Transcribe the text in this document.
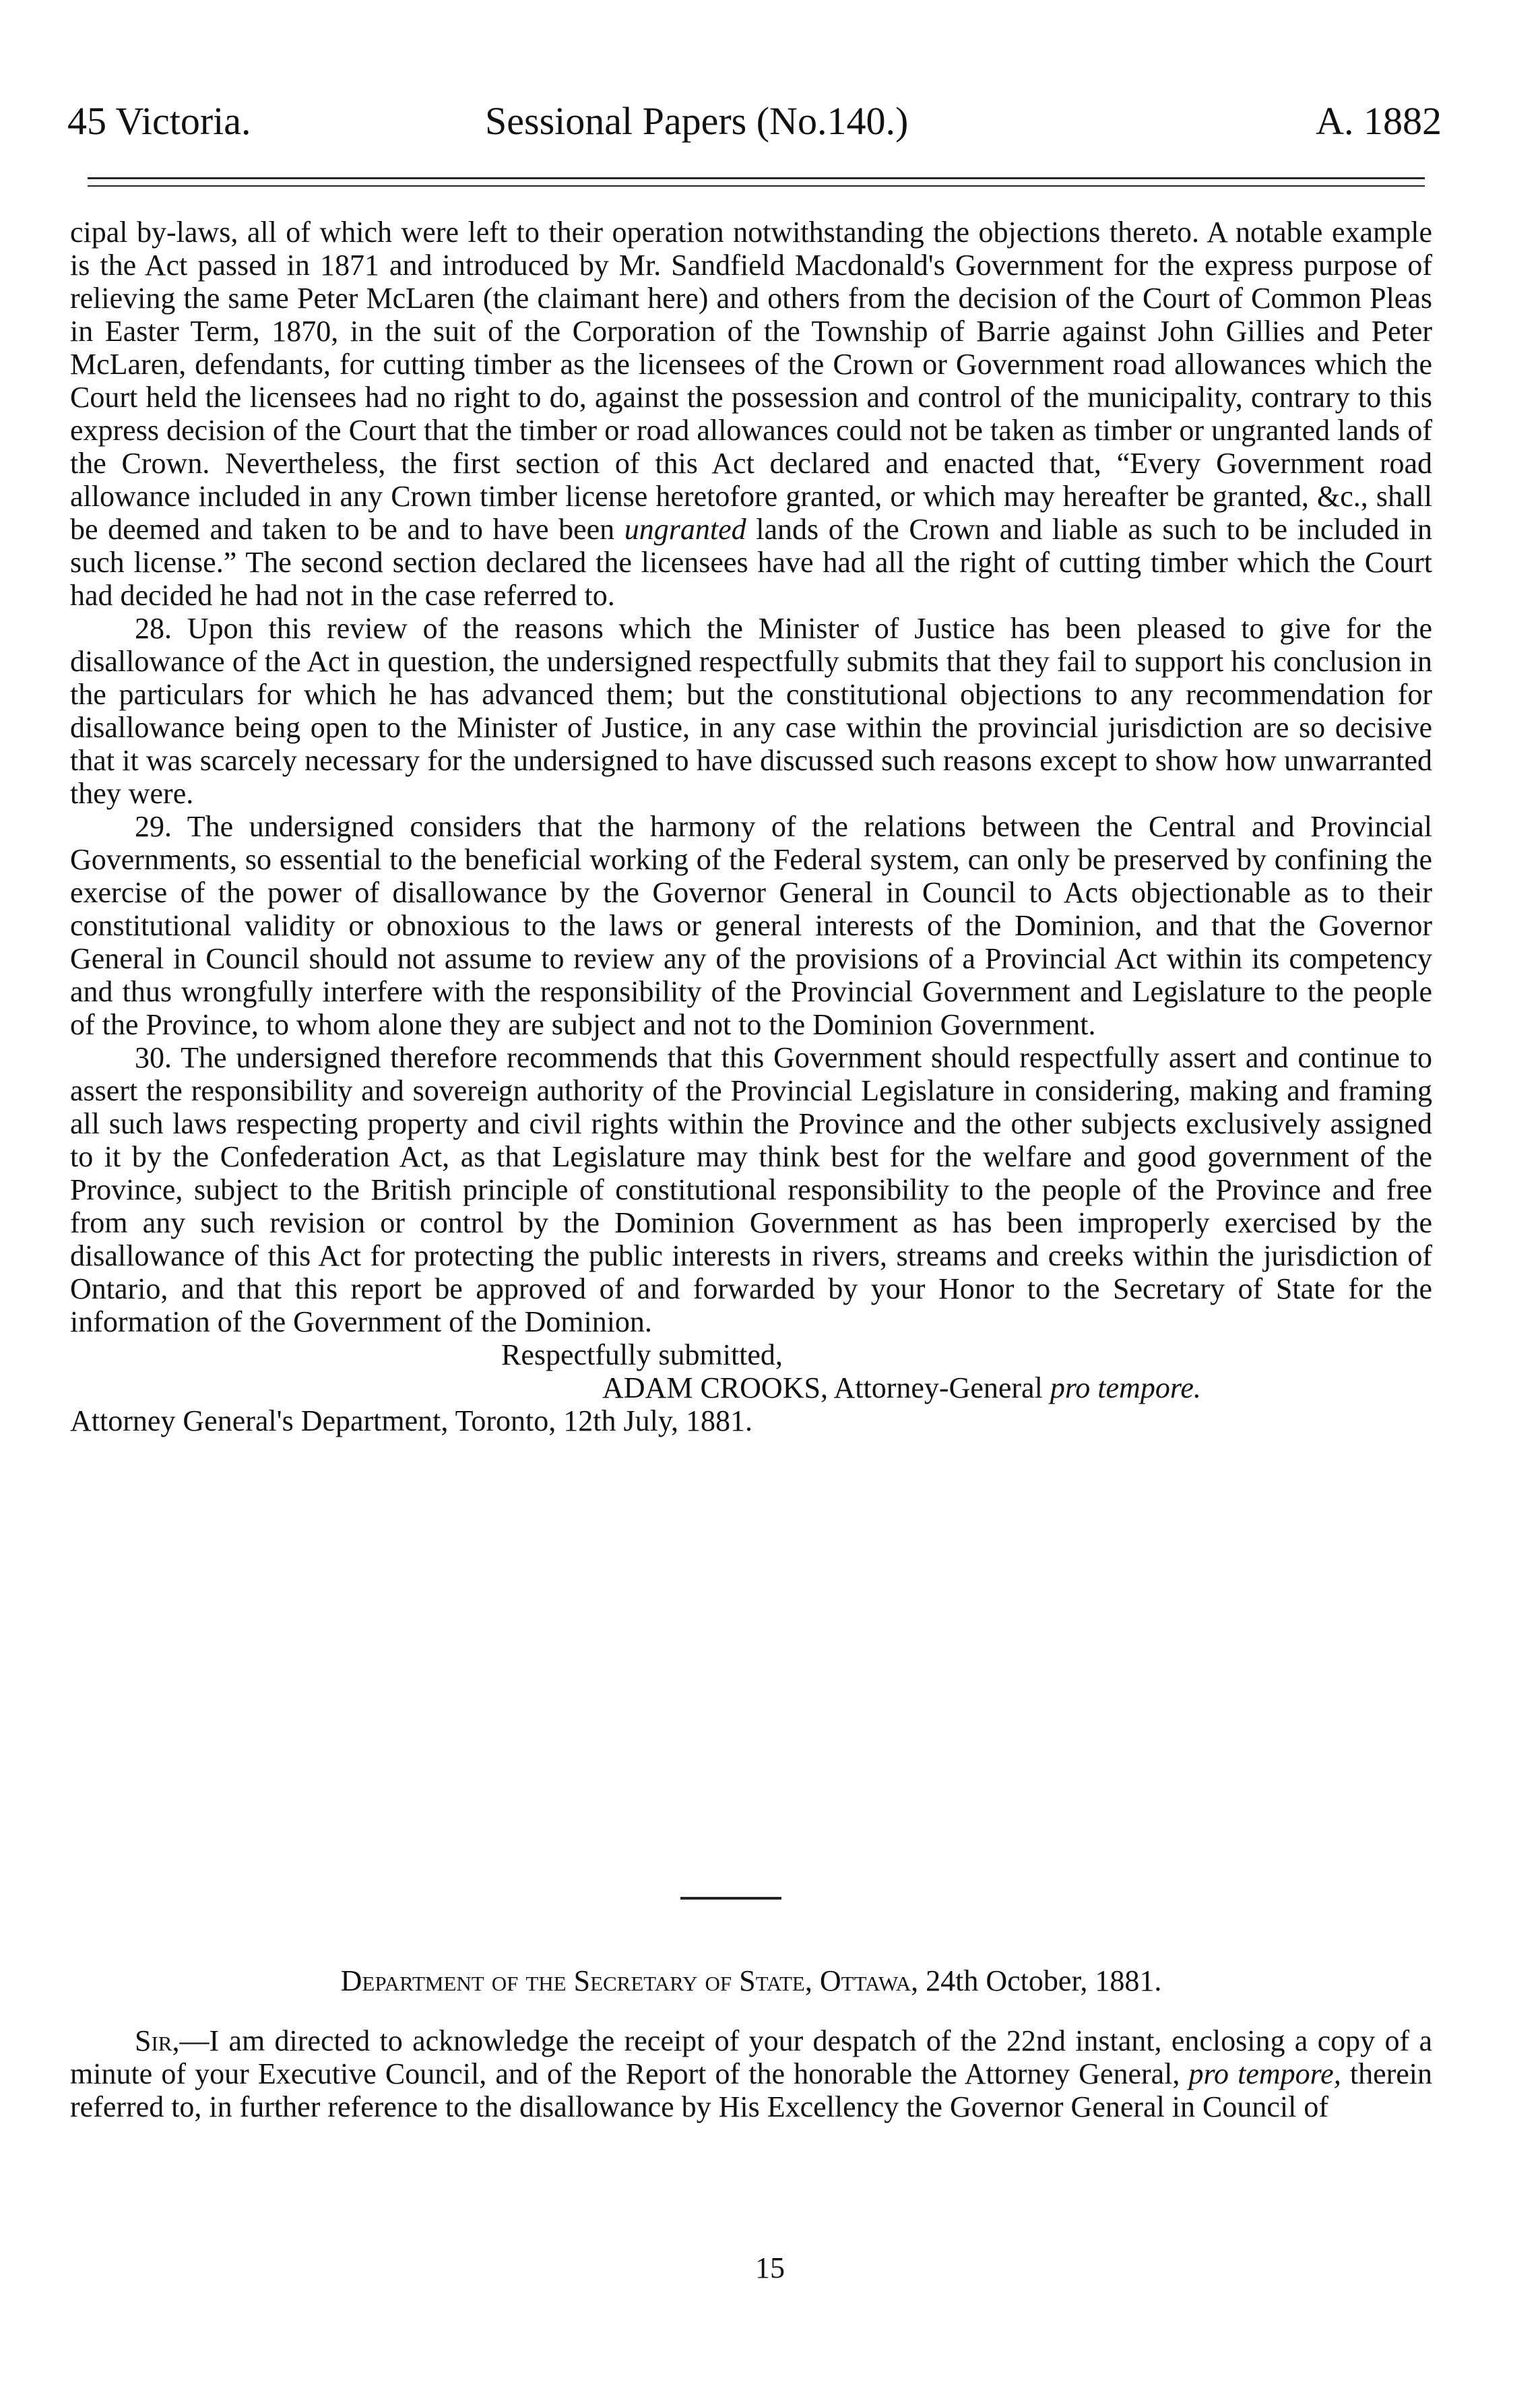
45 Victoria.	Sessional Papers (No.140.)	A. 1882

cipal by-laws, all of which were left to their operation notwithstanding the objections thereto. A notable example is the Act passed in 1871 and introduced by Mr. Sandfield Macdonald's Government for the express purpose of relieving the same Peter McLaren (the claimant here) and others from the decision of the Court of Common Pleas in Easter Term, 1870, in the suit of the Corporation of the Township of Barrie against John Gillies and Peter McLaren, defendants, for cutting timber as the licensees of the Crown or Government road allowances which the Court held the licensees had no right to do, against the possession and control of the municipality, contrary to this express decision of the Court that the timber or road allowances could not be taken as timber or ungranted lands of the Crown. Nevertheless, the first section of this Act declared and enacted that, “Every Government road allowance included in any Crown timber license heretofore granted, or which may hereafter be granted, &c., shall be deemed and taken to be and to have been ungranted lands of the Crown and liable as such to be included in such license.” The second section declared the licensees have had all the right of cutting timber which the Court had decided he had not in the case referred to.

28. Upon this review of the reasons which the Minister of Justice has been pleased to give for the disallowance of the Act in question, the undersigned respectfully submits that they fail to support his conclusion in the particulars for which he has advanced them; but the constitutional objections to any recommendation for disallowance being open to the Minister of Justice, in any case within the provincial jurisdiction are so decisive that it was scarcely necessary for the undersigned to have discussed such reasons except to show how unwarranted they were.

29. The undersigned considers that the harmony of the relations between the Central and Provincial Governments, so essential to the beneficial working of the Federal system, can only be preserved by confining the exercise of the power of disallowance by the Governor General in Council to Acts objectionable as to their constitutional validity or obnoxious to the laws or general interests of the Dominion, and that the Governor General in Council should not assume to review any of the provisions of a Provincial Act within its competency and thus wrongfully interfere with the responsibility of the Provincial Government and Legislature to the people of the Province, to whom alone they are subject and not to the Dominion Government.

30. The undersigned therefore recommends that this Government should respectfully assert and continue to assert the responsibility and sovereign authority of the Provincial Legislature in considering, making and framing all such laws respecting property and civil rights within the Province and the other subjects exclusively assigned to it by the Confederation Act, as that Legislature may think best for the welfare and good government of the Province, subject to the British principle of constitutional responsibility to the people of the Province and free from any such revision or control by the Dominion Government as has been improperly exercised by the disallowance of this Act for protecting the public interests in rivers, streams and creeks within the jurisdiction of Ontario, and that this report be approved of and forwarded by your Honor to the Secretary of State for the information of the Government of the Dominion.

Respectfully submitted,

ADAM CROOKS, Attorney-General pro tempore.

Attorney General's Department, Toronto, 12th July, 1881.

Department of the Secretary of State, Ottawa, 24th October, 1881.

Sir,—I am directed to acknowledge the receipt of your despatch of the 22nd instant, enclosing a copy of a minute of your Executive Council, and of the Report of the honorable the Attorney General, pro tempore, therein referred to, in further reference to the disallowance by His Excellency the Governor General in Council of

15
